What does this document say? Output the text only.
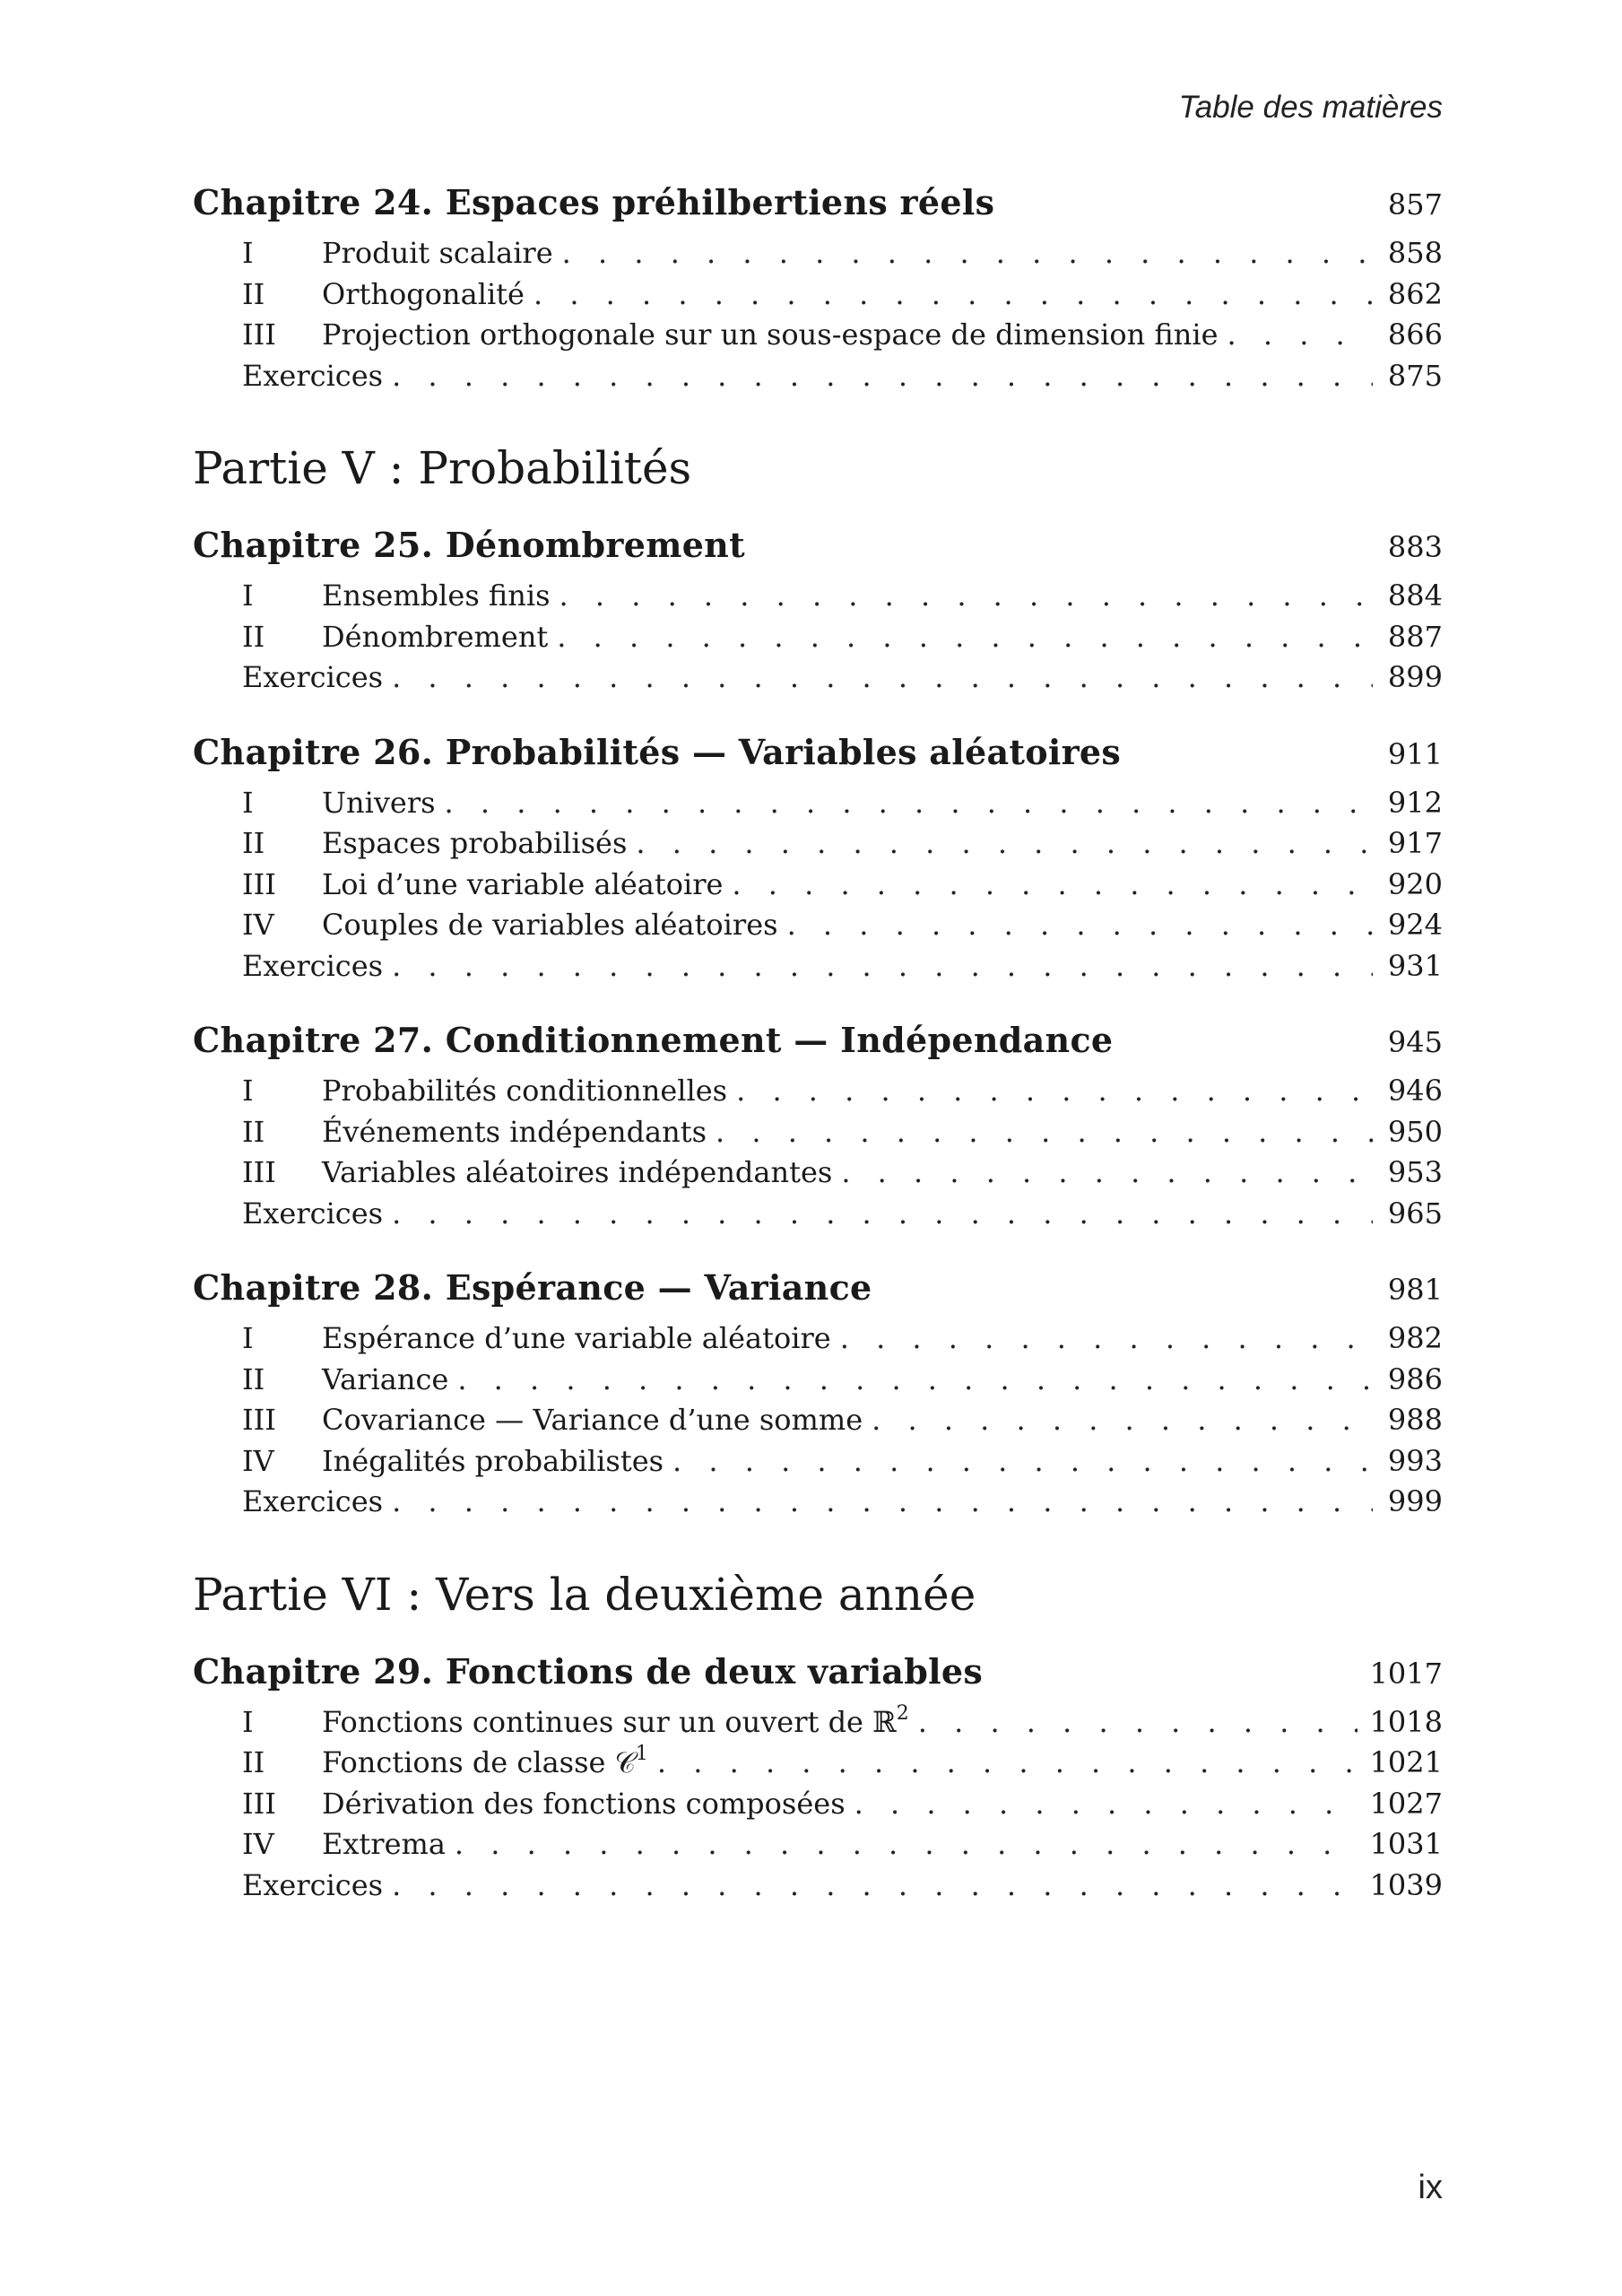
Table des matières
Chapitre 24. Espaces préhilbertiens réels	857
I	Produit scalaire . . .	858
II	Orthogonalité . . .	862
III	Projection orthogonale sur un sous-espace de dimension finie . . .	866
Exercices . . .	875
Partie V : Probabilités
Chapitre 25. Dénombrement	883
I	Ensembles finis . . .	884
II	Dénombrement . . .	887
Exercices . . .	899
Chapitre 26. Probabilités — Variables aléatoires	911
I	Univers . . .	912
II	Espaces probabilisés . . .	917
III	Loi d’une variable aléatoire . . .	920
IV	Couples de variables aléatoires . . .	924
Exercices . . .	931
Chapitre 27. Conditionnement — Indépendance	945
I	Probabilités conditionnelles . . .	946
II	Événements indépendants . . .	950
III	Variables aléatoires indépendantes . . .	953
Exercices . . .	965
Chapitre 28. Espérance — Variance	981
I	Espérance d’une variable aléatoire . . .	982
II	Variance . . .	986
III	Covariance — Variance d’une somme . . .	988
IV	Inégalités probabilistes . . .	993
Exercices . . .	999
Partie VI : Vers la deuxième année
Chapitre 29. Fonctions de deux variables	1017
I	Fonctions continues sur un ouvert de ℝ$^2$ . . .	1018
II	Fonctions de classe 𝒞$^1$ . . .	1021
III	Dérivation des fonctions composées . . .	1027
IV	Extrema . . .	1031
Exercices . . .	1039
ix
